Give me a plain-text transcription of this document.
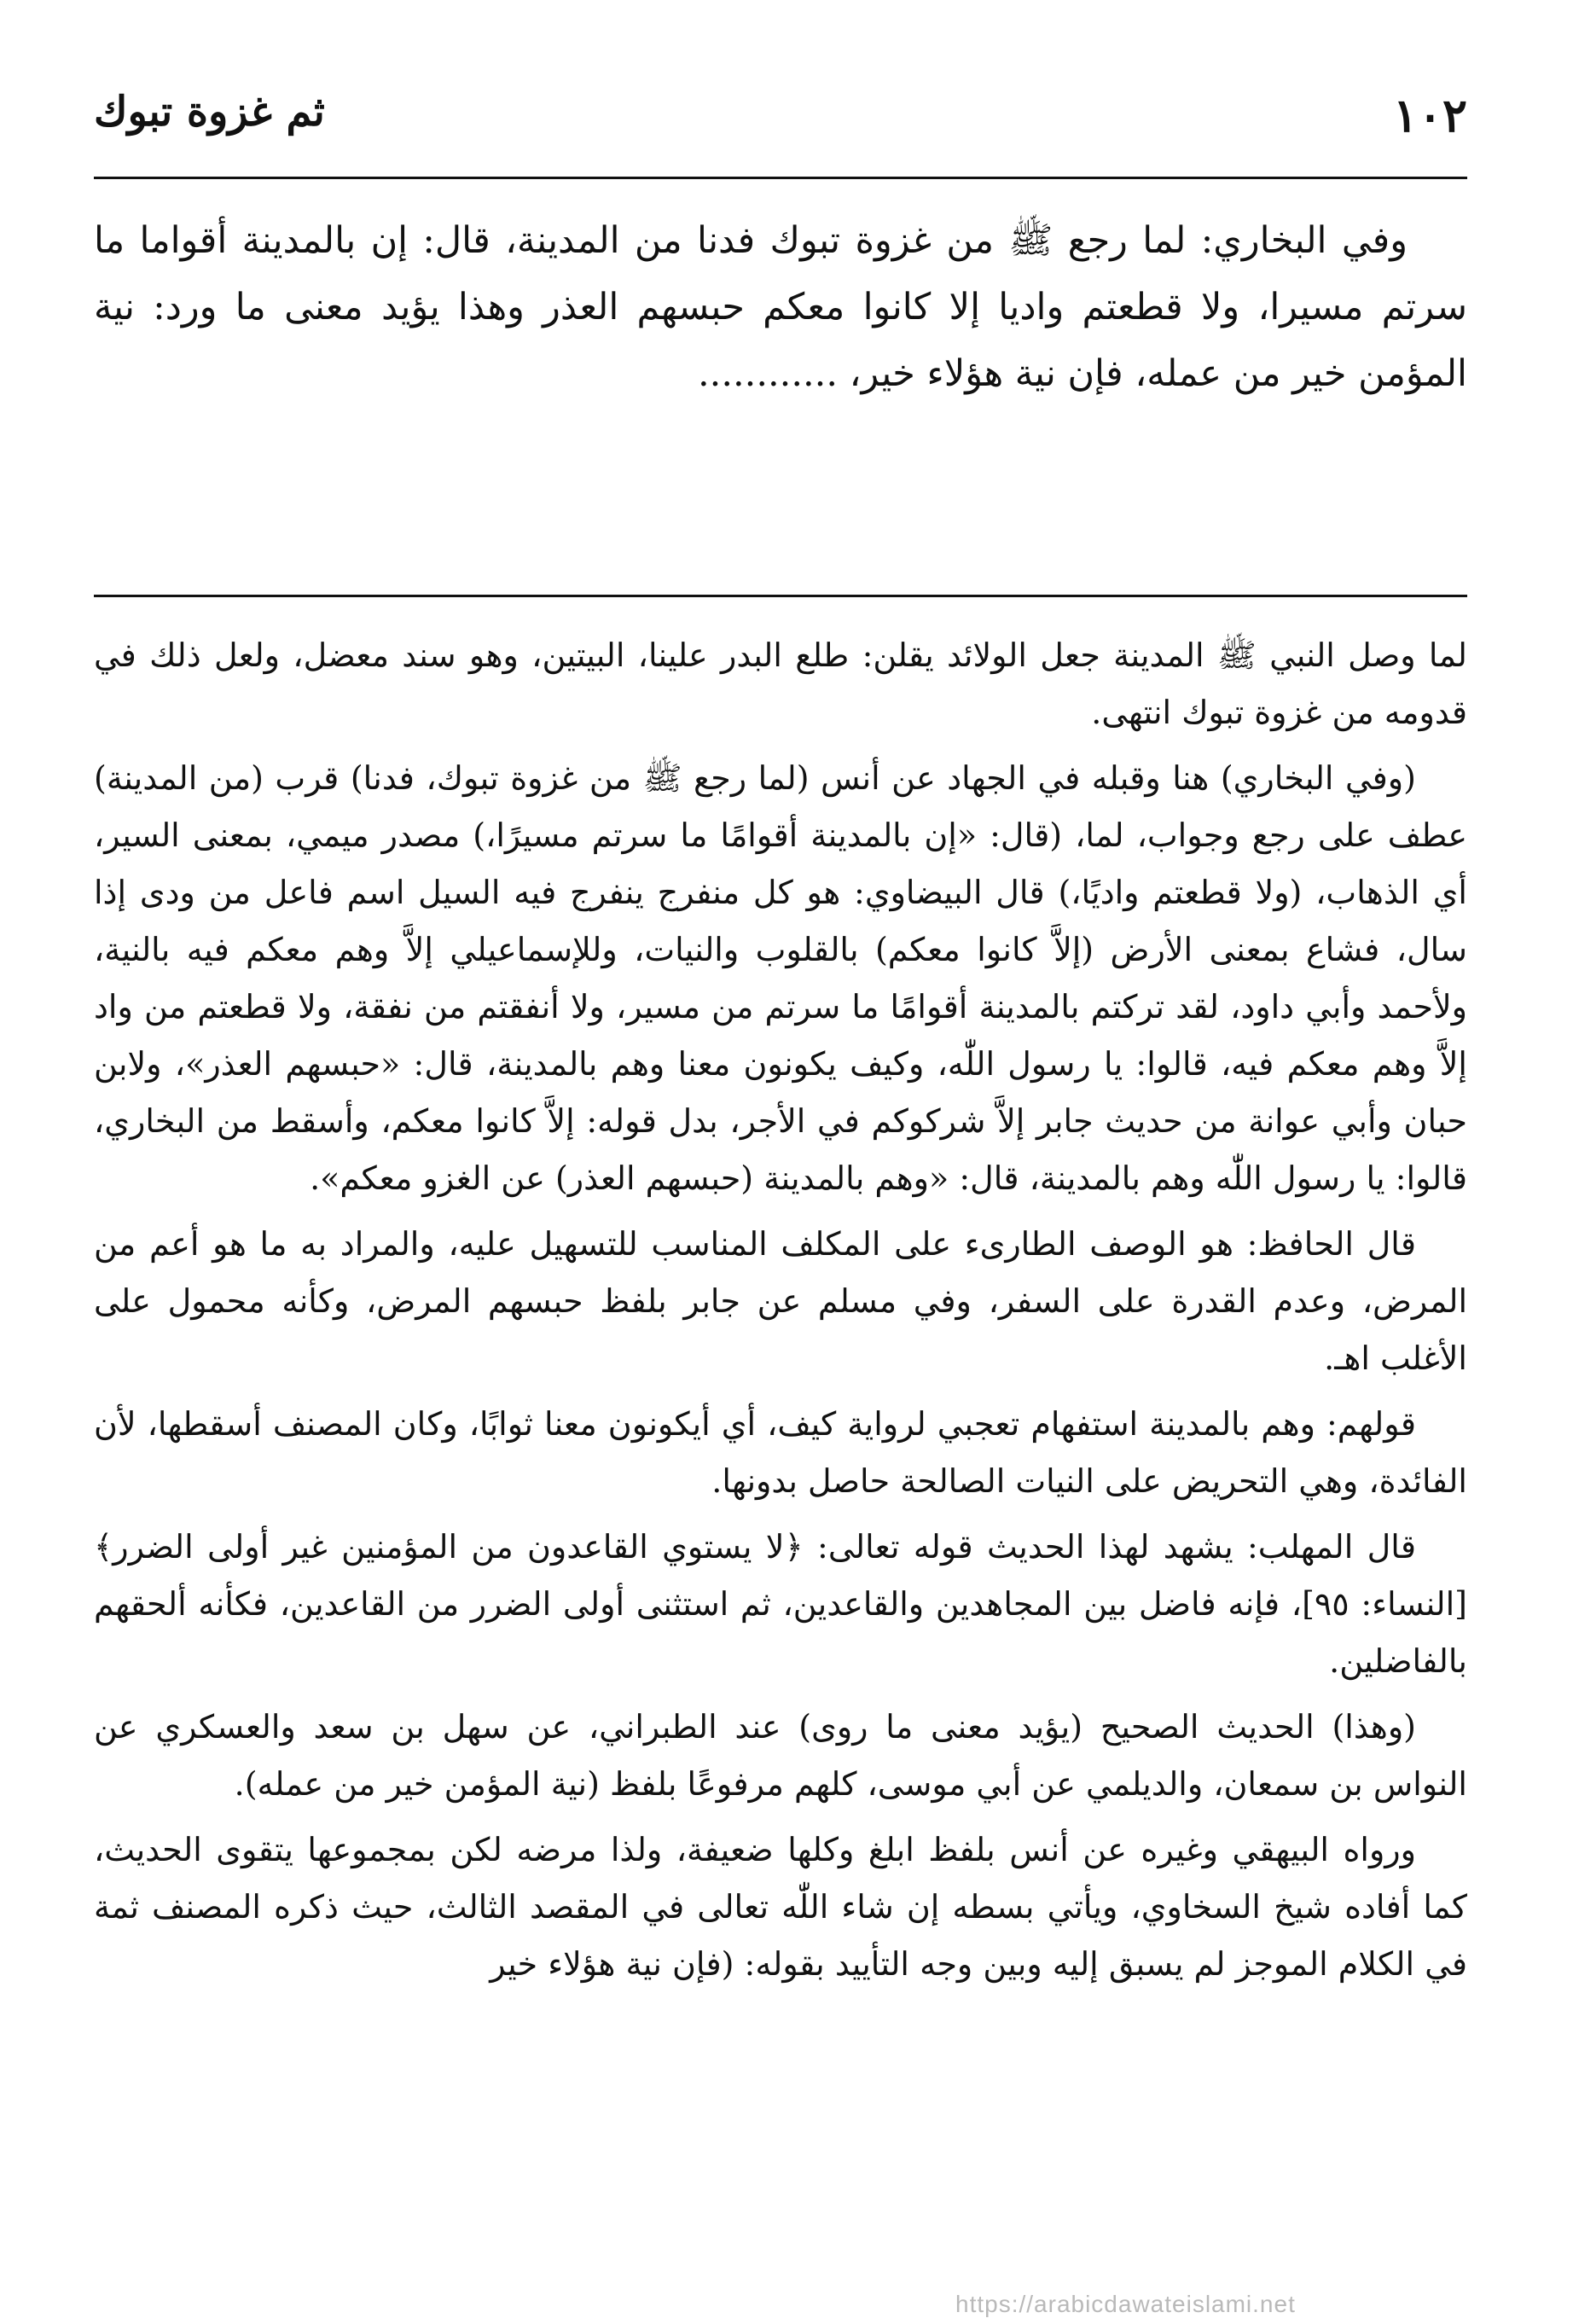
١٠٢
ثم غزوة تبوك

وفي البخاري: لما رجع ﷺ من غزوة تبوك فدنا من المدينة، قال: إن بالمدينة أقواما ما سرتم مسيرا، ولا قطعتم واديا إلا كانوا معكم حبسهم العذر وهذا يؤيد معنى ما ورد: نية المؤمن خير من عمله، فإن نية هؤلاء خير، ............

لما وصل النبي ﷺ المدينة جعل الولائد يقلن: طلع البدر علينا، البيتين، وهو سند معضل، ولعل ذلك في قدومه من غزوة تبوك انتهى.

(وفي البخاري) هنا وقبله في الجهاد عن أنس (لما رجع ﷺ من غزوة تبوك، فدنا) قرب (من المدينة) عطف على رجع وجواب، لما، (قال: «إن بالمدينة أقوامًا ما سرتم مسيرًا،) مصدر ميمي، بمعنى السير، أي الذهاب، (ولا قطعتم واديًا،) قال البيضاوي: هو كل منفرج ينفرج فيه السيل اسم فاعل من ودى إذا سال، فشاع بمعنى الأرض (إلاَّ كانوا معكم) بالقلوب والنيات، وللإسماعيلي إلاَّ وهم معكم فيه بالنية، ولأحمد وأبي داود، لقد تركتم بالمدينة أقوامًا ما سرتم من مسير، ولا أنفقتم من نفقة، ولا قطعتم من واد إلاَّ وهم معكم فيه، قالوا: يا رسول اللّٰه، وكيف يكونون معنا وهم بالمدينة، قال: «حبسهم العذر»، ولابن حبان وأبي عوانة من حديث جابر إلاَّ شركوكم في الأجر، بدل قوله: إلاَّ كانوا معكم، وأسقط من البخاري، قالوا: يا رسول اللّٰه وهم بالمدينة، قال: «وهم بالمدينة (حبسهم العذر) عن الغزو معكم».

قال الحافظ: هو الوصف الطارىء على المكلف المناسب للتسهيل عليه، والمراد به ما هو أعم من المرض، وعدم القدرة على السفر، وفي مسلم عن جابر بلفظ حبسهم المرض، وكأنه محمول على الأغلب اهـ.

قولهم: وهم بالمدينة استفهام تعجبي لرواية كيف، أي أيكونون معنا ثوابًا، وكان المصنف أسقطها، لأن الفائدة، وهي التحريض على النيات الصالحة حاصل بدونها.

قال المهلب: يشهد لهذا الحديث قوله تعالى: ﴿لا يستوي القاعدون من المؤمنين غير أولى الضرر﴾ [النساء: ٩٥]، فإنه فاضل بين المجاهدين والقاعدين، ثم استثنى أولى الضرر من القاعدين، فكأنه ألحقهم بالفاضلين.

(وهذا) الحديث الصحيح (يؤيد معنى ما روى) عند الطبراني، عن سهل بن سعد والعسكري عن النواس بن سمعان، والديلمي عن أبي موسى، كلهم مرفوعًا بلفظ (نية المؤمن خير من عمله).

ورواه البيهقي وغيره عن أنس بلفظ ابلغ وكلها ضعيفة، ولذا مرضه لكن بمجموعها يتقوى الحديث، كما أفاده شيخ السخاوي، ويأتي بسطه إن شاء اللّٰه تعالى في المقصد الثالث، حيث ذكره المصنف ثمة في الكلام الموجز لم يسبق إليه وبين وجه التأييد بقوله: (فإن نية هؤلاء خير

https://arabicdawateislami.net
